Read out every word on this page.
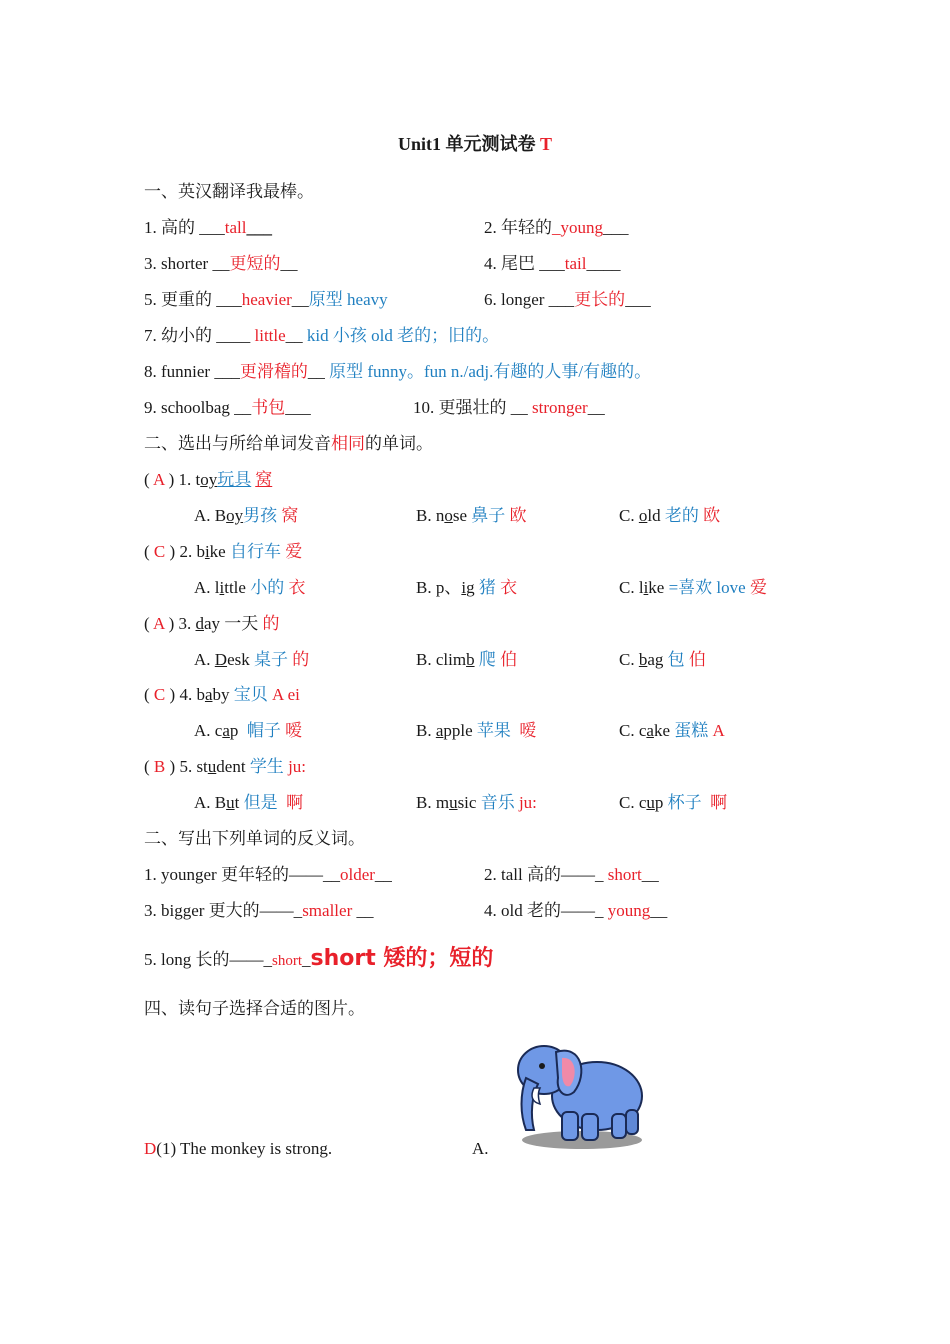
Unit1 单元测试卷 T
一、英汉翻译我最棒。
1. 高的 ___tall___	2. 年轻的_young___
3. shorter __更短的__	4. 尾巴 ___tail____
5. 更重的 ___heavier__原型 heavy	6. longer ___更长的___
7. 幼小的 ____ little__ kid 小孩 old 老的；旧的。
8. funnier ___更滑稽的__ 原型 funny。fun n./adj.有趣的人事/有趣的。
9. schoolbag __书包___	10. 更强壮的 __ stronger__
二、选出与所给单词发音相同的单词。
( A ) 1. toy玩具 窝
A. Boy男孩 窝	B. nose 鼻子 欧	C. old 老的 欧
( C ) 2. bike 自行车 爱
A. little 小的 衣	B. p、ig 猪 衣	C. like =喜欢 love 爱
( A ) 3. day 一天 的
A. Desk 桌子 的	B. climb 爬 伯	C. bag 包 伯
( C ) 4. baby 宝贝 A ei
A. cap 帽子 嗳	B. apple 苹果 嗳	C. cake 蛋糕 A
( B ) 5. student 学生 ju:
A. But 但是 啊	B. music 音乐 ju:	C. cup 杯子 啊
二、写出下列单词的反义词。
1. younger 更年轻的——__older__	2. tall 高的——_ short__
3. bigger 更大的——_smaller __	4. old 老的——_ young__
5. long 长的——_short_short 矮的；短的
四、读句子选择合适的图片。
D(1) The monkey is strong.	A.
